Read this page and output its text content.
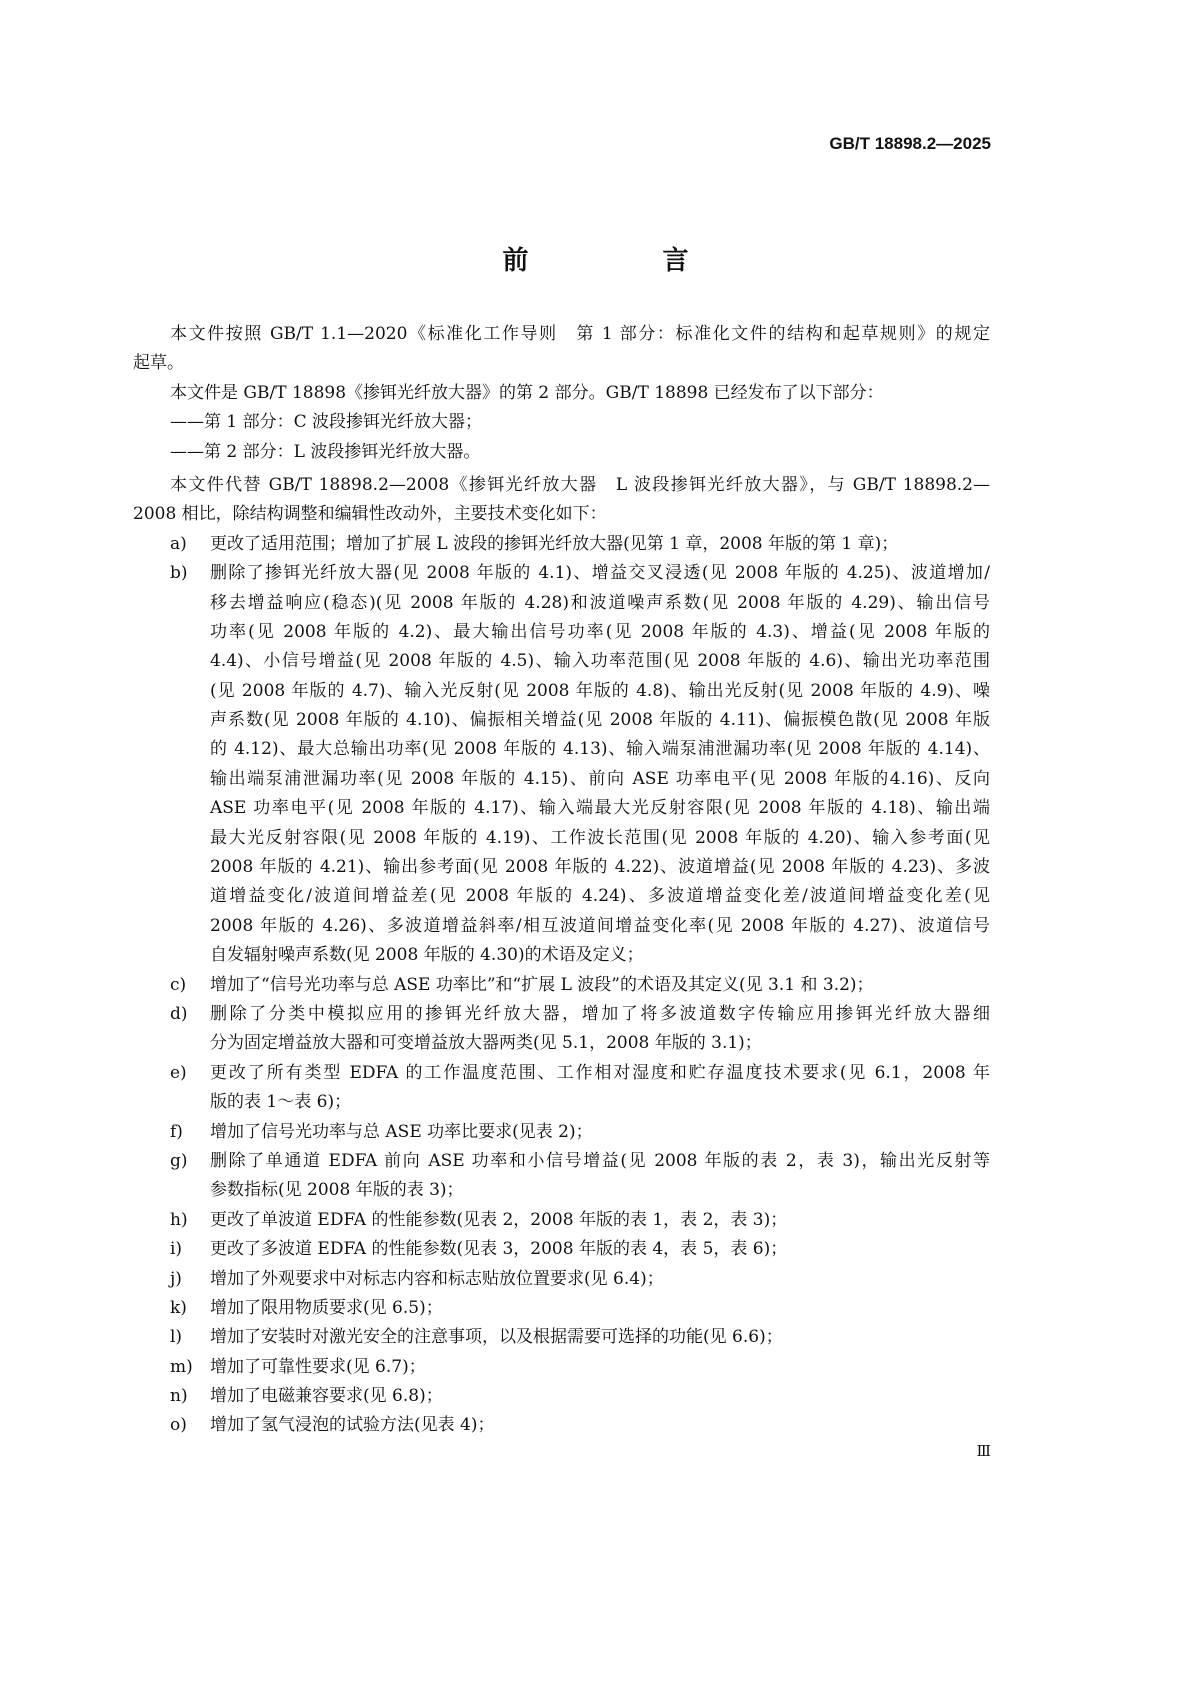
GB/T 18898.2—2025
前　言
本文件按照 GB/T 1.1—2020《标准化工作导则　第 1 部分：标准化文件的结构和起草规则》的规定
起草。
本文件是 GB/T 18898《掺铒光纤放大器》的第 2 部分。GB/T 18898 已经发布了以下部分：
——第 1 部分：C 波段掺铒光纤放大器；
——第 2 部分：L 波段掺铒光纤放大器。
本文件代替 GB/T 18898.2—2008《掺铒光纤放大器　L 波段掺铒光纤放大器》，与 GB/T 18898.2—
2008 相比，除结构调整和编辑性改动外，主要技术变化如下：
a)	更改了适用范围；增加了扩展 L 波段的掺铒光纤放大器(见第 1 章，2008 年版的第 1 章)；
b)	删除了掺铒光纤放大器(见 2008 年版的 4.1)、增益交叉浸透(见 2008 年版的 4.25)、波道增加/
移去增益响应(稳态)(见 2008 年版的 4.28)和波道噪声系数(见 2008 年版的 4.29)、输出信号
功率(见 2008 年版的 4.2)、最大输出信号功率(见 2008 年版的 4.3)、增益(见 2008 年版的
4.4)、小信号增益(见 2008 年版的 4.5)、输入功率范围(见 2008 年版的 4.6)、输出光功率范围
(见 2008 年版的 4.7)、输入光反射(见 2008 年版的 4.8)、输出光反射(见 2008 年版的 4.9)、噪
声系数(见 2008 年版的 4.10)、偏振相关增益(见 2008 年版的 4.11)、偏振模色散(见 2008 年版
的 4.12)、最大总输出功率(见 2008 年版的 4.13)、输入端泵浦泄漏功率(见 2008 年版的 4.14)、
输出端泵浦泄漏功率(见 2008 年版的 4.15)、前向 ASE 功率电平(见 2008 年版的4.16)、反向
ASE 功率电平(见 2008 年版的 4.17)、输入端最大光反射容限(见 2008 年版的 4.18)、输出端
最大光反射容限(见 2008 年版的 4.19)、工作波长范围(见 2008 年版的 4.20)、输入参考面(见
2008 年版的 4.21)、输出参考面(见 2008 年版的 4.22)、波道增益(见 2008 年版的 4.23)、多波
道增益变化/波道间增益差(见 2008 年版的 4.24)、多波道增益变化差/波道间增益变化差(见
2008 年版的 4.26)、多波道增益斜率/相互波道间增益变化率(见 2008 年版的 4.27)、波道信号
自发辐射噪声系数(见 2008 年版的 4.30)的术语及定义；
c)	增加了“信号光功率与总 ASE 功率比”和“扩展 L 波段”的术语及其定义(见 3.1 和 3.2)；
d)	删除了分类中模拟应用的掺铒光纤放大器，增加了将多波道数字传输应用掺铒光纤放大器细
分为固定增益放大器和可变增益放大器两类(见 5.1，2008 年版的 3.1)；
e)	更改了所有类型 EDFA 的工作温度范围、工作相对湿度和贮存温度技术要求(见 6.1，2008 年
版的表 1～表 6)；
f)	增加了信号光功率与总 ASE 功率比要求(见表 2)；
g)	删除了单通道 EDFA 前向 ASE 功率和小信号增益(见 2008 年版的表 2，表 3)，输出光反射等
参数指标(见 2008 年版的表 3)；
h)	更改了单波道 EDFA 的性能参数(见表 2，2008 年版的表 1，表 2，表 3)；
i)	更改了多波道 EDFA 的性能参数(见表 3，2008 年版的表 4，表 5，表 6)；
j)	增加了外观要求中对标志内容和标志贴放位置要求(见 6.4)；
k)	增加了限用物质要求(见 6.5)；
l)	增加了安装时对激光安全的注意事项，以及根据需要可选择的功能(见 6.6)；
m)	增加了可靠性要求(见 6.7)；
n)	增加了电磁兼容要求(见 6.8)；
o)	增加了氢气浸泡的试验方法(见表 4)；
Ⅲ
